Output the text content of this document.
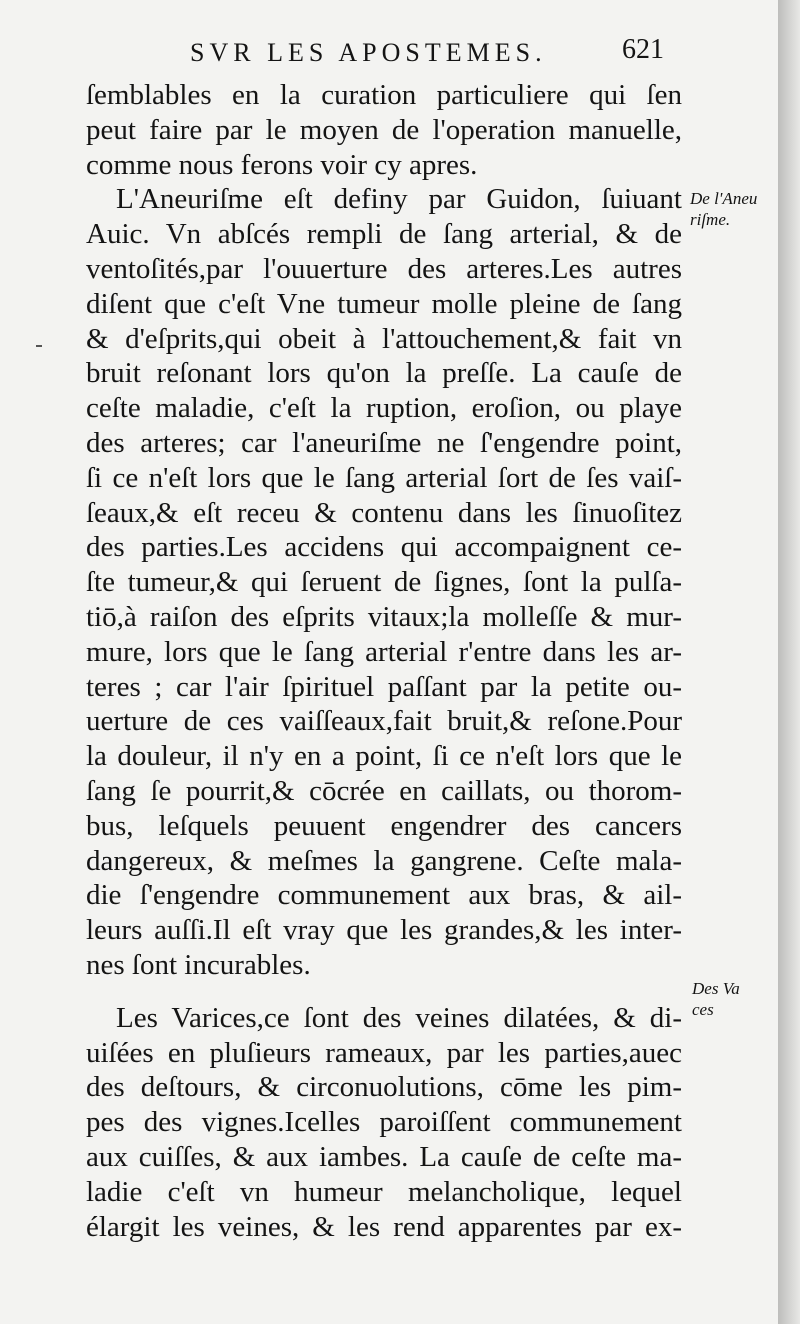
SVR LES APOSTEMES.	621
ſemblables en la curation particuliere qui ſen
peut faire par le moyen de l'operation manuelle,
comme nous ferons voir cy apres.
L'Aneuriſme eſt definy par Guidon, ſuiuant
Auic. Vn abſcés rempli de ſang arterial, & de
ventoſités,par l'ouuerture des arteres.Les autres
diſent que c'eſt Vne tumeur molle pleine de ſang
& d'eſprits,qui obeit à l'attouchement,& fait vn
bruit reſonant lors qu'on la preſſe. La cauſe de
ceſte maladie, c'eſt la ruption, eroſion, ou playe
des arteres; car l'aneuriſme ne ſ'engendre point,
ſi ce n'eſt lors que le ſang arterial ſort de ſes vaiſ-
ſeaux,& eſt receu & contenu dans les ſinuoſitez
des parties.Les accidens qui accompaignent ce-
ſte tumeur,& qui ſeruent de ſignes, ſont la pulſa-
tiō,à raiſon des eſprits vitaux;la molleſſe & mur-
mure, lors que le ſang arterial r'entre dans les ar-
teres ; car l'air ſpirituel paſſant par la petite ou-
uerture de ces vaiſſeaux,fait bruit,& reſone.Pour
la douleur, il n'y en a point, ſi ce n'eſt lors que le
ſang ſe pourrit,& cōcrée en caillats, ou thorom-
bus, leſquels peuuent engendrer des cancers
dangereux, & meſmes la gangrene. Ceſte mala-
die ſ'engendre communement aux bras, & ail-
leurs auſſi.Il eſt vray que les grandes,& les inter-
nes ſont incurables.
Les Varices,ce ſont des veines dilatées, & di-
uiſées en pluſieurs rameaux, par les parties,auec
des deſtours, & circonuolutions, cōme les pim-
pes des vignes.Icelles paroiſſent communement
aux cuiſſes, & aux iambes. La cauſe de ceſte ma-
ladie c'eſt vn humeur melancholique, lequel
élargit les veines, & les rend apparentes par ex-
De l'Aneu
riſme.
Des Va
ces
